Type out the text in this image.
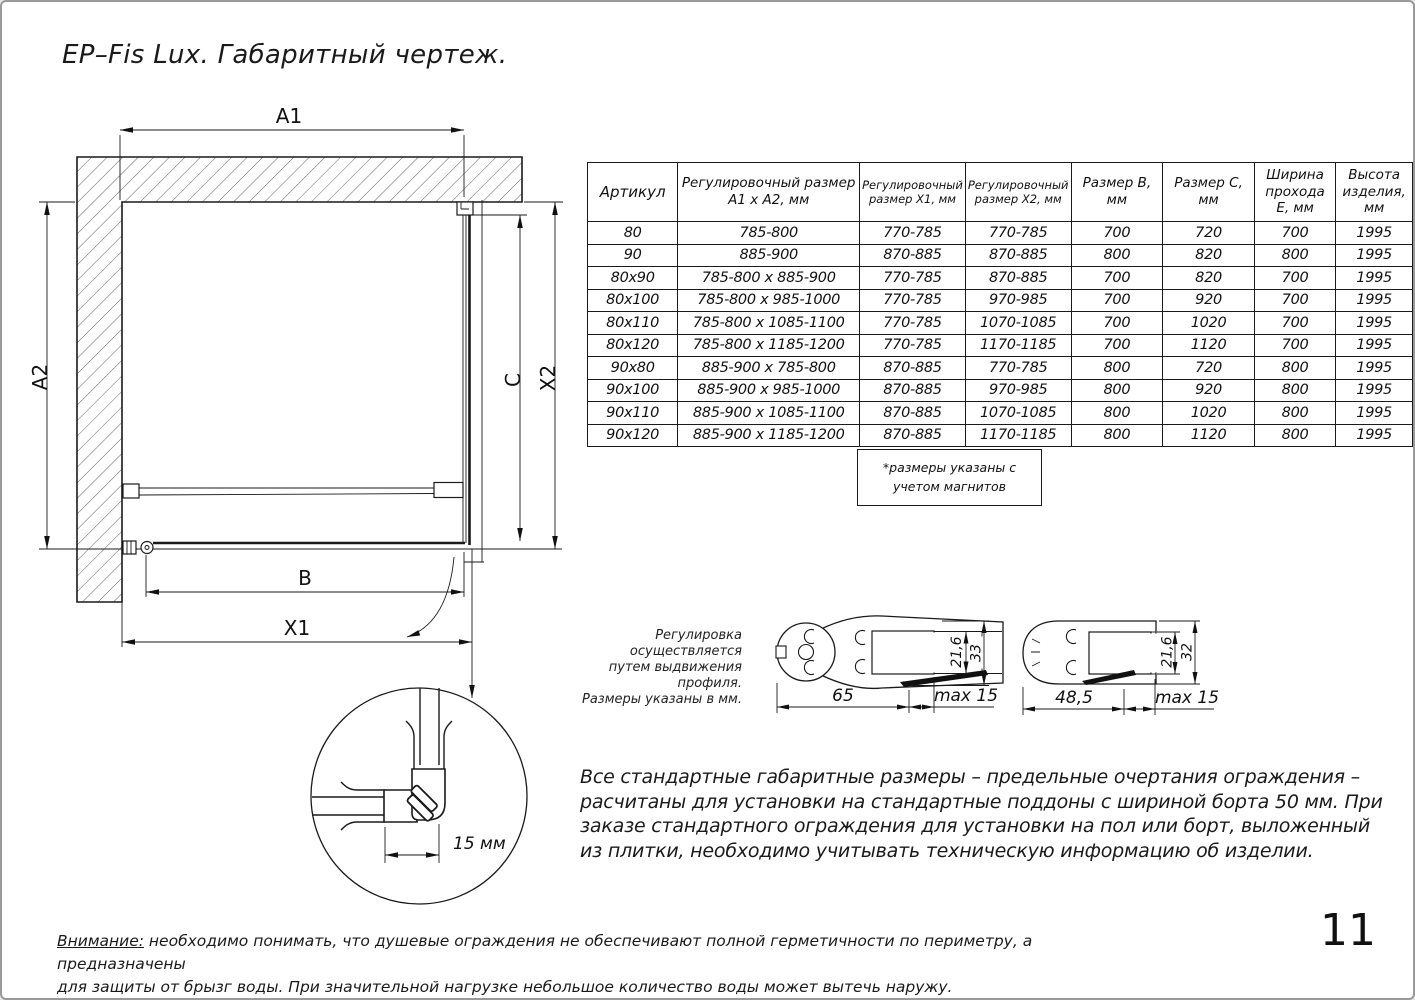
EP–Fis Lux. Габаритный чертеж.
A1
A2	X2
C
B
X1
15 мм
Артикул	Регулировочный размер А1 х А2, мм	Регулировочный размер Х1, мм	Регулировочный размер Х2, мм	Размер В, мм	Размер С, мм	Ширина прохода Е, мм	Высота изделия, мм
80	785-800	770-785	770-785	700	720	700	1995
90	885-900	870-885	870-885	800	820	800	1995
80х90	785-800 х 885-900	770-785	870-885	700	820	700	1995
80х100	785-800 х 985-1000	770-785	970-985	700	920	700	1995
80х110	785-800 х 1085-1100	770-785	1070-1085	700	1020	700	1995
80х120	785-800 х 1185-1200	770-785	1170-1185	700	1120	700	1995
90х80	885-900 х 785-800	870-885	770-785	800	720	800	1995
90х100	885-900 х 985-1000	870-885	970-985	800	920	800	1995
90х110	885-900 х 1085-1100	870-885	1070-1085	800	1020	800	1995
90х120	885-900 х 1185-1200	870-885	1170-1185	800	1120	800	1995
*размеры указаны с учетом магнитов
65	max 15
21,6 33
48,5	max 15
21,6 32
Регулировка осуществляется
путем выдвижения профиля.
Размеры указаны в мм.
Все стандартные габаритные размеры – предельные очертания ограждения –
расчитаны для установки на стандартные поддоны с шириной борта 50 мм. При
заказе стандартного ограждения для установки на пол или борт, выложенный
из плитки, необходимо учитывать техническую информацию об изделии.
Внимание: необходимо понимать, что душевые ограждения не обеспечивают полной герметичности по периметру, а предназначены
для защиты от брызг воды. При значительной нагрузке небольшое количество воды может вытечь наружу.
11
